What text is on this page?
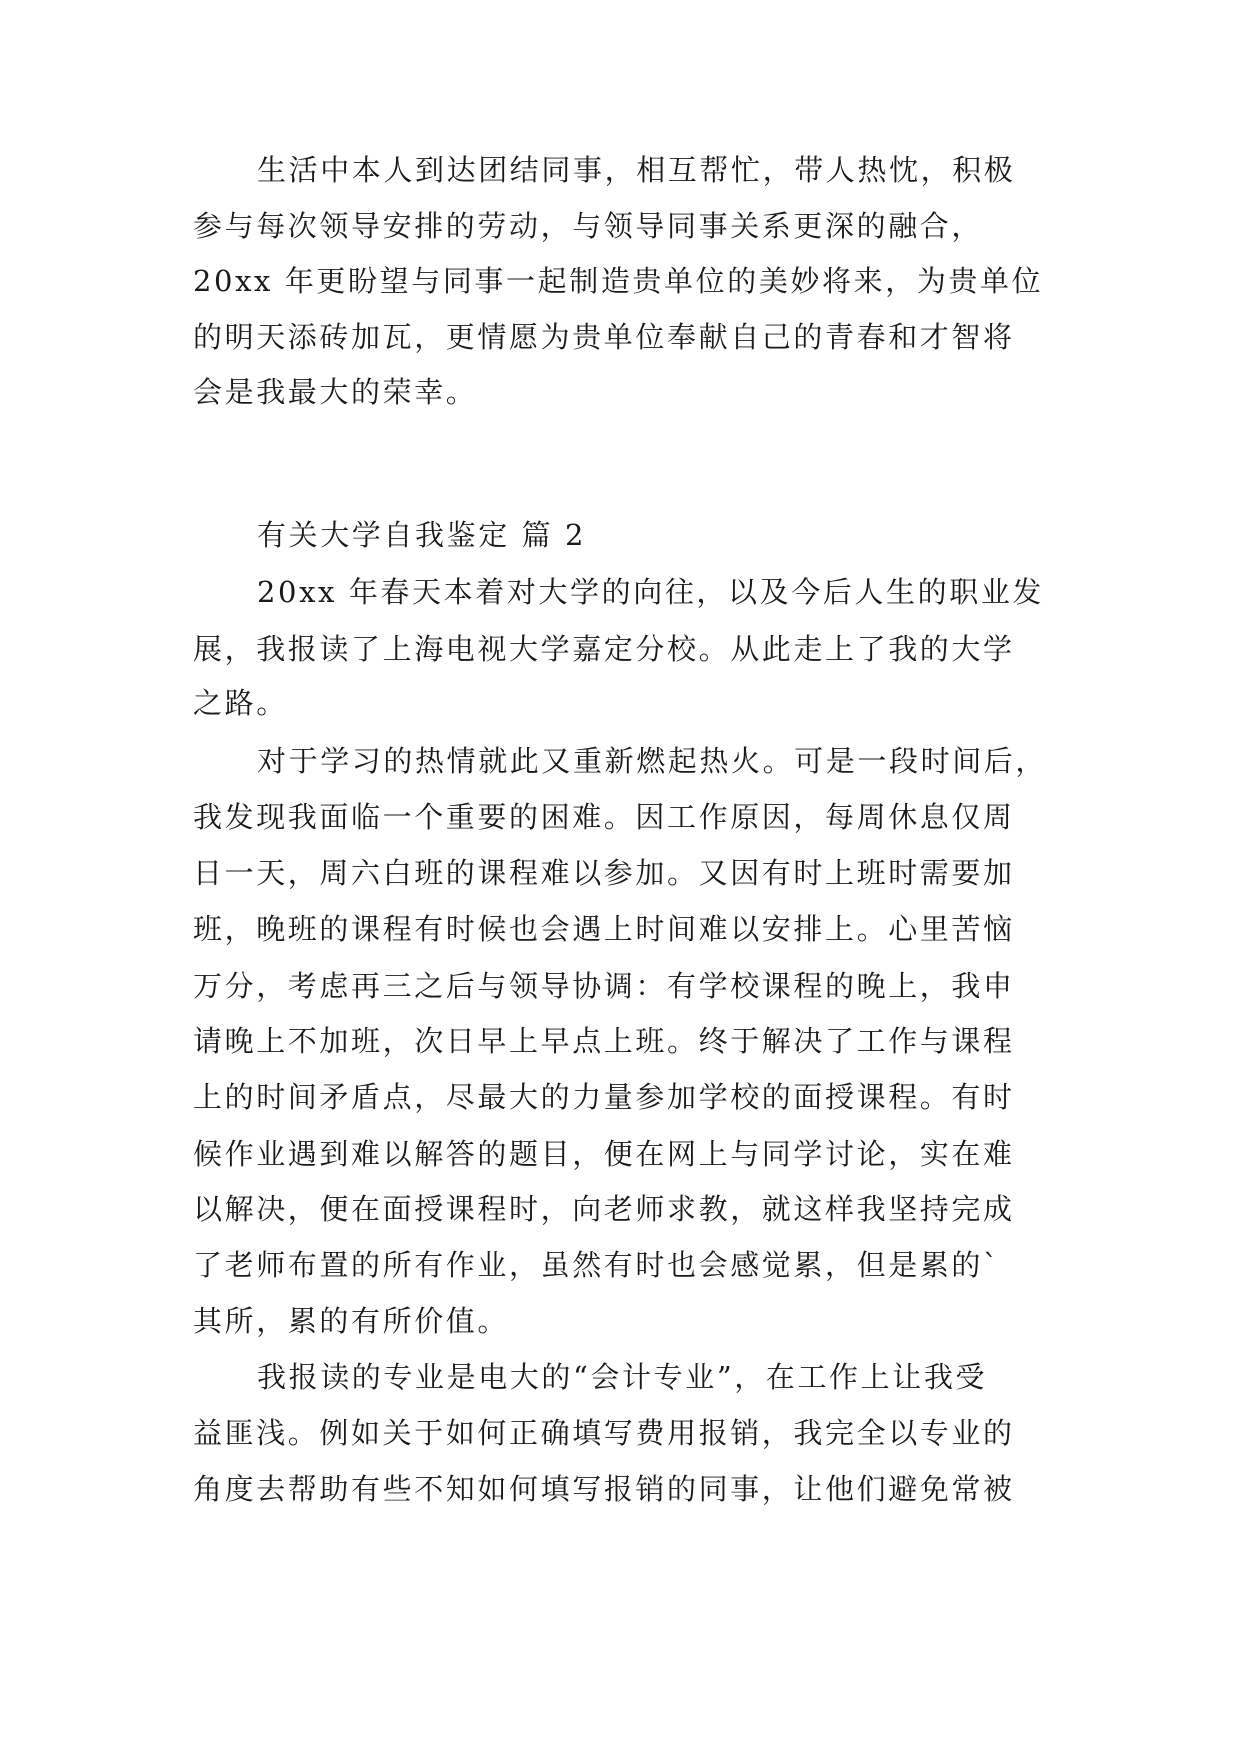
生活中本人到达团结同事，相互帮忙，带人热忱，积极
参与每次领导安排的劳动，与领导同事关系更深的融合，
20xx 年更盼望与同事一起制造贵单位的美妙将来，为贵单位
的明天添砖加瓦，更情愿为贵单位奉献自己的青春和才智将
会是我最大的荣幸。
有关大学自我鉴定 篇 2
20xx 年春天本着对大学的向往，以及今后人生的职业发
展，我报读了上海电视大学嘉定分校。从此走上了我的大学
之路。
对于学习的热情就此又重新燃起热火。可是一段时间后，
我发现我面临一个重要的困难。因工作原因，每周休息仅周
日一天，周六白班的课程难以参加。又因有时上班时需要加
班，晚班的课程有时候也会遇上时间难以安排上。心里苦恼
万分，考虑再三之后与领导协调：有学校课程的晚上，我申
请晚上不加班，次日早上早点上班。终于解决了工作与课程
上的时间矛盾点，尽最大的力量参加学校的面授课程。有时
候作业遇到难以解答的题目，便在网上与同学讨论，实在难
以解决，便在面授课程时，向老师求教，就这样我坚持完成
了老师布置的所有作业，虽然有时也会感觉累，但是累的`
其所，累的有所价值。
我报读的专业是电大的“会计专业”，在工作上让我受
益匪浅。例如关于如何正确填写费用报销，我完全以专业的
角度去帮助有些不知如何填写报销的同事，让他们避免常被
